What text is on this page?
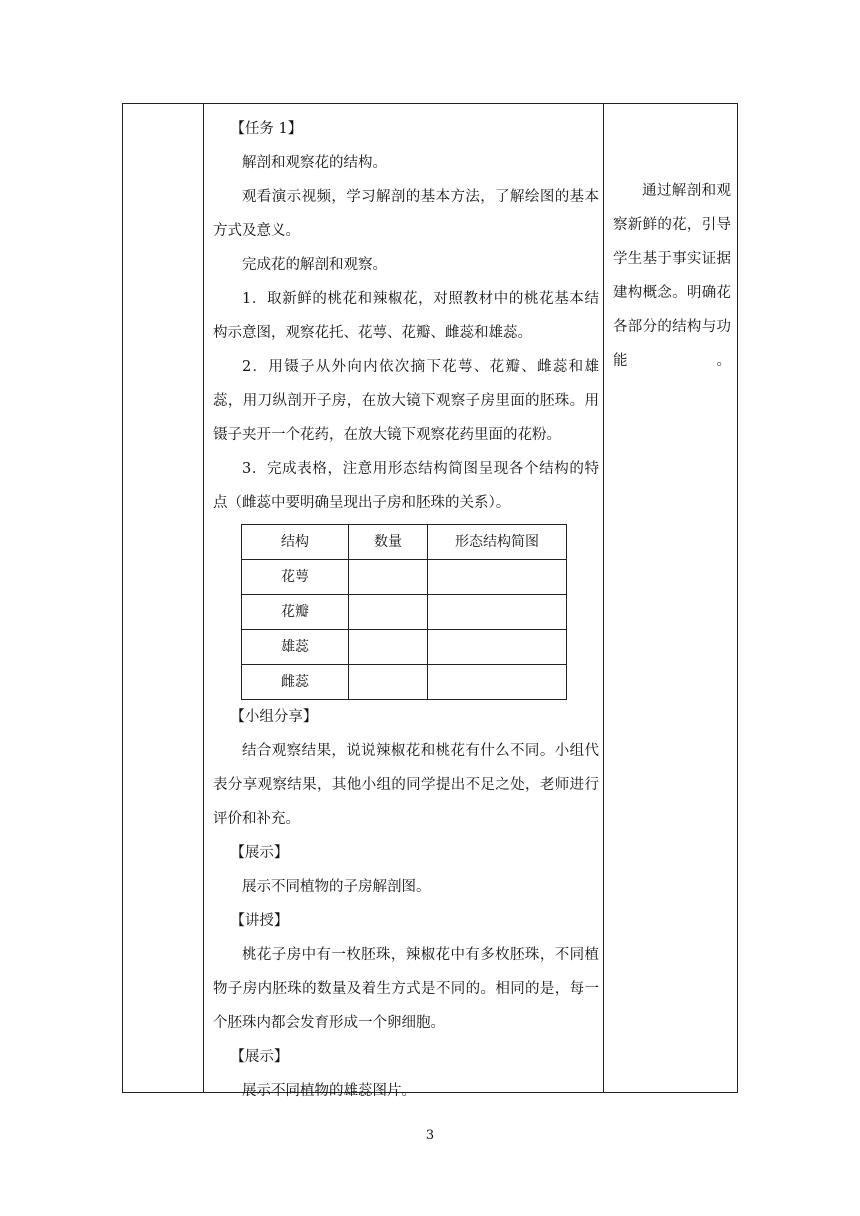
【任务 1】

解剖和观察花的结构。

观看演示视频，学习解剖的基本方法，了解绘图的基本方式及意义。

完成花的解剖和观察。

1．取新鲜的桃花和辣椒花，对照教材中的桃花基本结构示意图，观察花托、花萼、花瓣、雌蕊和雄蕊。

2．用镊子从外向内依次摘下花萼、花瓣、雌蕊和雄蕊，用刀纵剖开子房，在放大镜下观察子房里面的胚珠。用镊子夹开一个花药，在放大镜下观察花药里面的花粉。

3．完成表格，注意用形态结构简图呈现各个结构的特点（雌蕊中要明确呈现出子房和胚珠的关系）。

结构	数量	形态结构简图
花萼		
花瓣		
雄蕊		
雌蕊		

【小组分享】

结合观察结果，说说辣椒花和桃花有什么不同。小组代表分享观察结果，其他小组的同学提出不足之处，老师进行评价和补充。

【展示】

展示不同植物的子房解剖图。

【讲授】

桃花子房中有一枚胚珠，辣椒花中有多枚胚珠，不同植物子房内胚珠的数量及着生方式是不同的。相同的是，每一个胚珠内都会发育形成一个卵细胞。

【展示】

展示不同植物的雄蕊图片。

通过解剖和观察新鲜的花，引导学生基于事实证据建构概念。明确花各部分的结构与功能。

3
